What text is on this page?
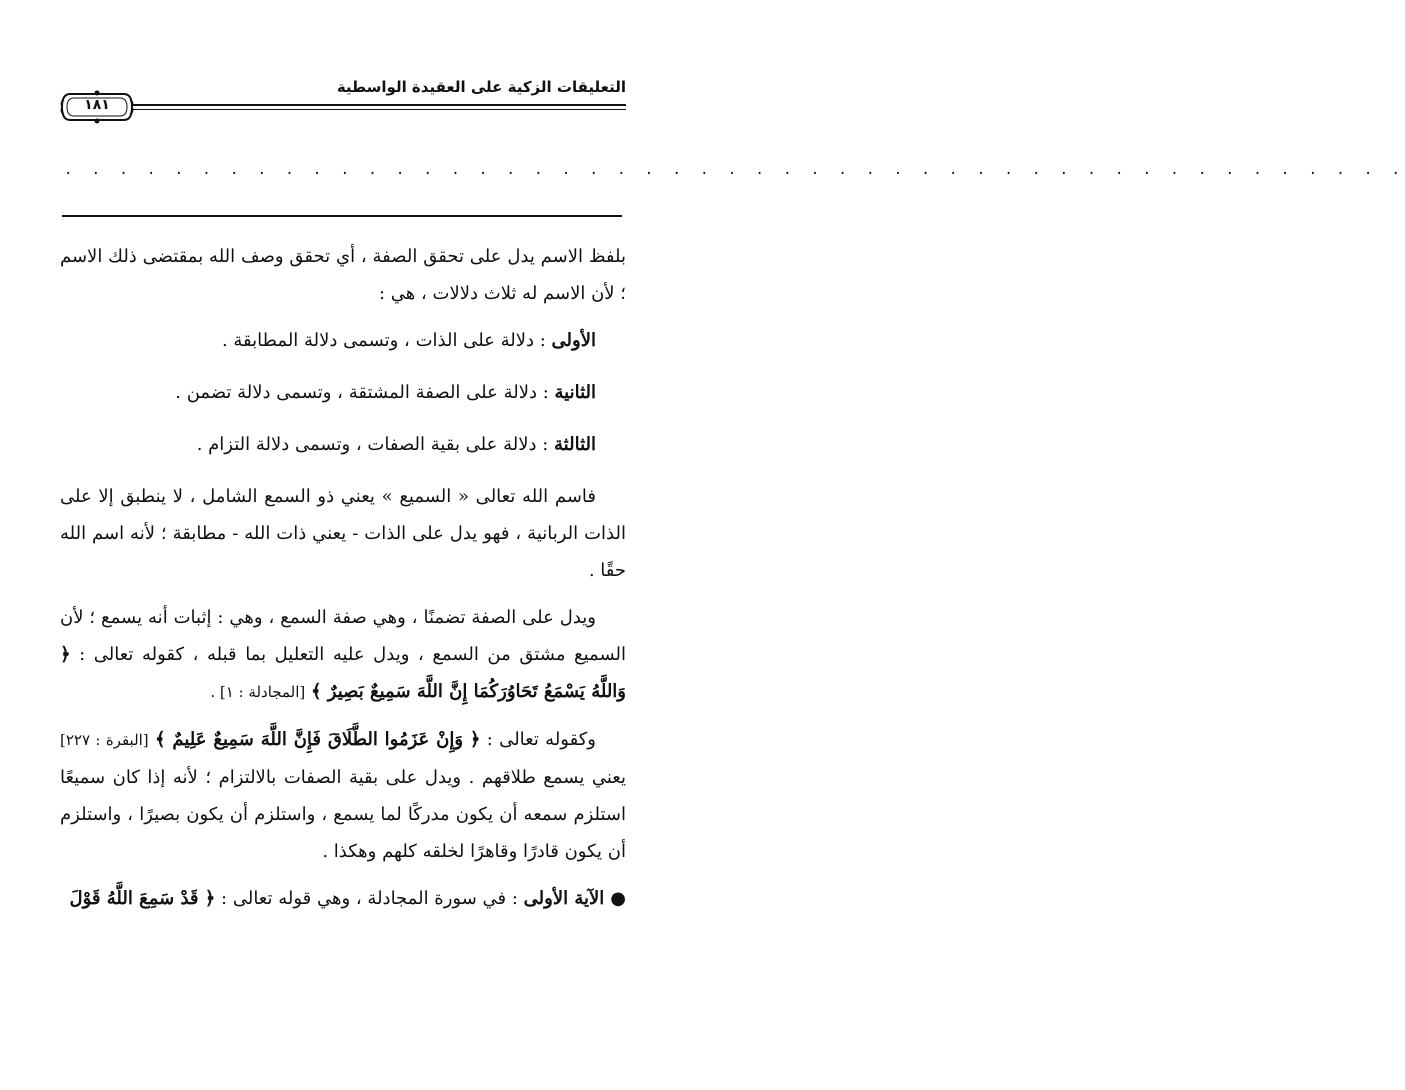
التعليقات الزكية على العقيدة الواسطية
١٨١
. . . . . . . . . . . . . . . . . . . . . . . . . . . . . . . . . . . . . . . . . . . . . . . . .

بلفظ الاسم يدل على تحقق الصفة ، أي تحقق وصف الله بمقتضى ذلك الاسم ؛ لأن الاسم له ثلاث دلالات ، هي :

الأولى : دلالة على الذات ، وتسمى دلالة المطابقة .

الثانية : دلالة على الصفة المشتقة ، وتسمى دلالة تضمن .

الثالثة : دلالة على بقية الصفات ، وتسمى دلالة التزام .

فاسم الله تعالى « السميع » يعني ذو السمع الشامل ، لا ينطبق إلا على الذات الربانية ، فهو يدل على الذات - يعني ذات الله - مطابقة ؛ لأنه اسم الله حقًا .

ويدل على الصفة تضمنًا ، وهي صفة السمع ، وهي : إثبات أنه يسمع ؛ لأن السميع مشتق من السمع ، ويدل عليه التعليل بما قبله ، كقوله تعالى : ﴿ وَاللَّهُ يَسْمَعُ تَحَاوُرَكُمَا إِنَّ اللَّهَ سَمِيعٌ بَصِيرٌ ﴾ [المجادلة : ١] .

وكقوله تعالى : ﴿ وَإِنْ عَزَمُوا الطَّلَاقَ فَإِنَّ اللَّهَ سَمِيعٌ عَلِيمٌ ﴾ [البقرة : ٢٢٧] يعني يسمع طلاقهم . ويدل على بقية الصفات بالالتزام ؛ لأنه إذا كان سميعًا استلزم سمعه أن يكون مدركًا لما يسمع ، واستلزم أن يكون بصيرًا ، واستلزم أن يكون قادرًا وقاهرًا لخلقه كلهم وهكذا .

●الآية الأولى : في سورة المجادلة ، وهي قوله تعالى : ﴿ قَدْ سَمِعَ اللَّهُ قَوْلَ
